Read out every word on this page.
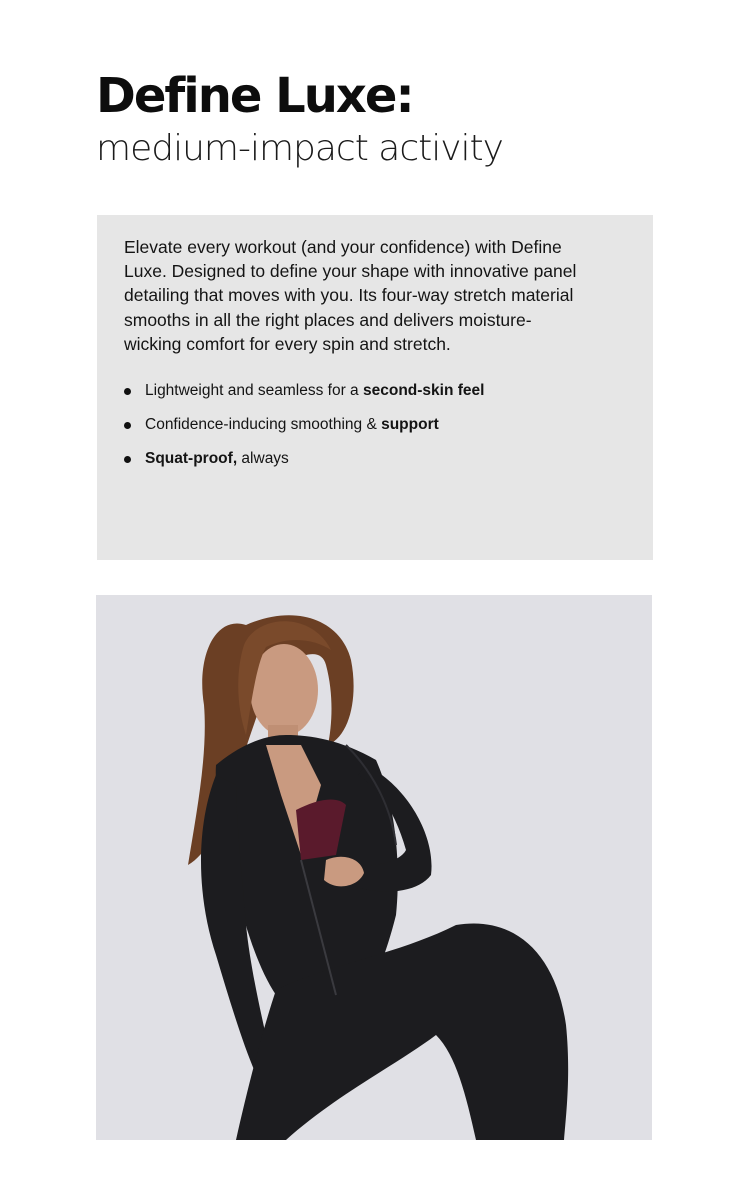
Define Luxe:

medium-impact activity

Elevate every workout (and your confidence) with Define Luxe. Designed to define your shape with innovative panel detailing that moves with you. Its four-way stretch material smooths in all the right places and delivers moisture-wicking comfort for every spin and stretch.

Lightweight and seamless for a second-skin feel
Confidence-inducing smoothing & support
Squat-proof, always
